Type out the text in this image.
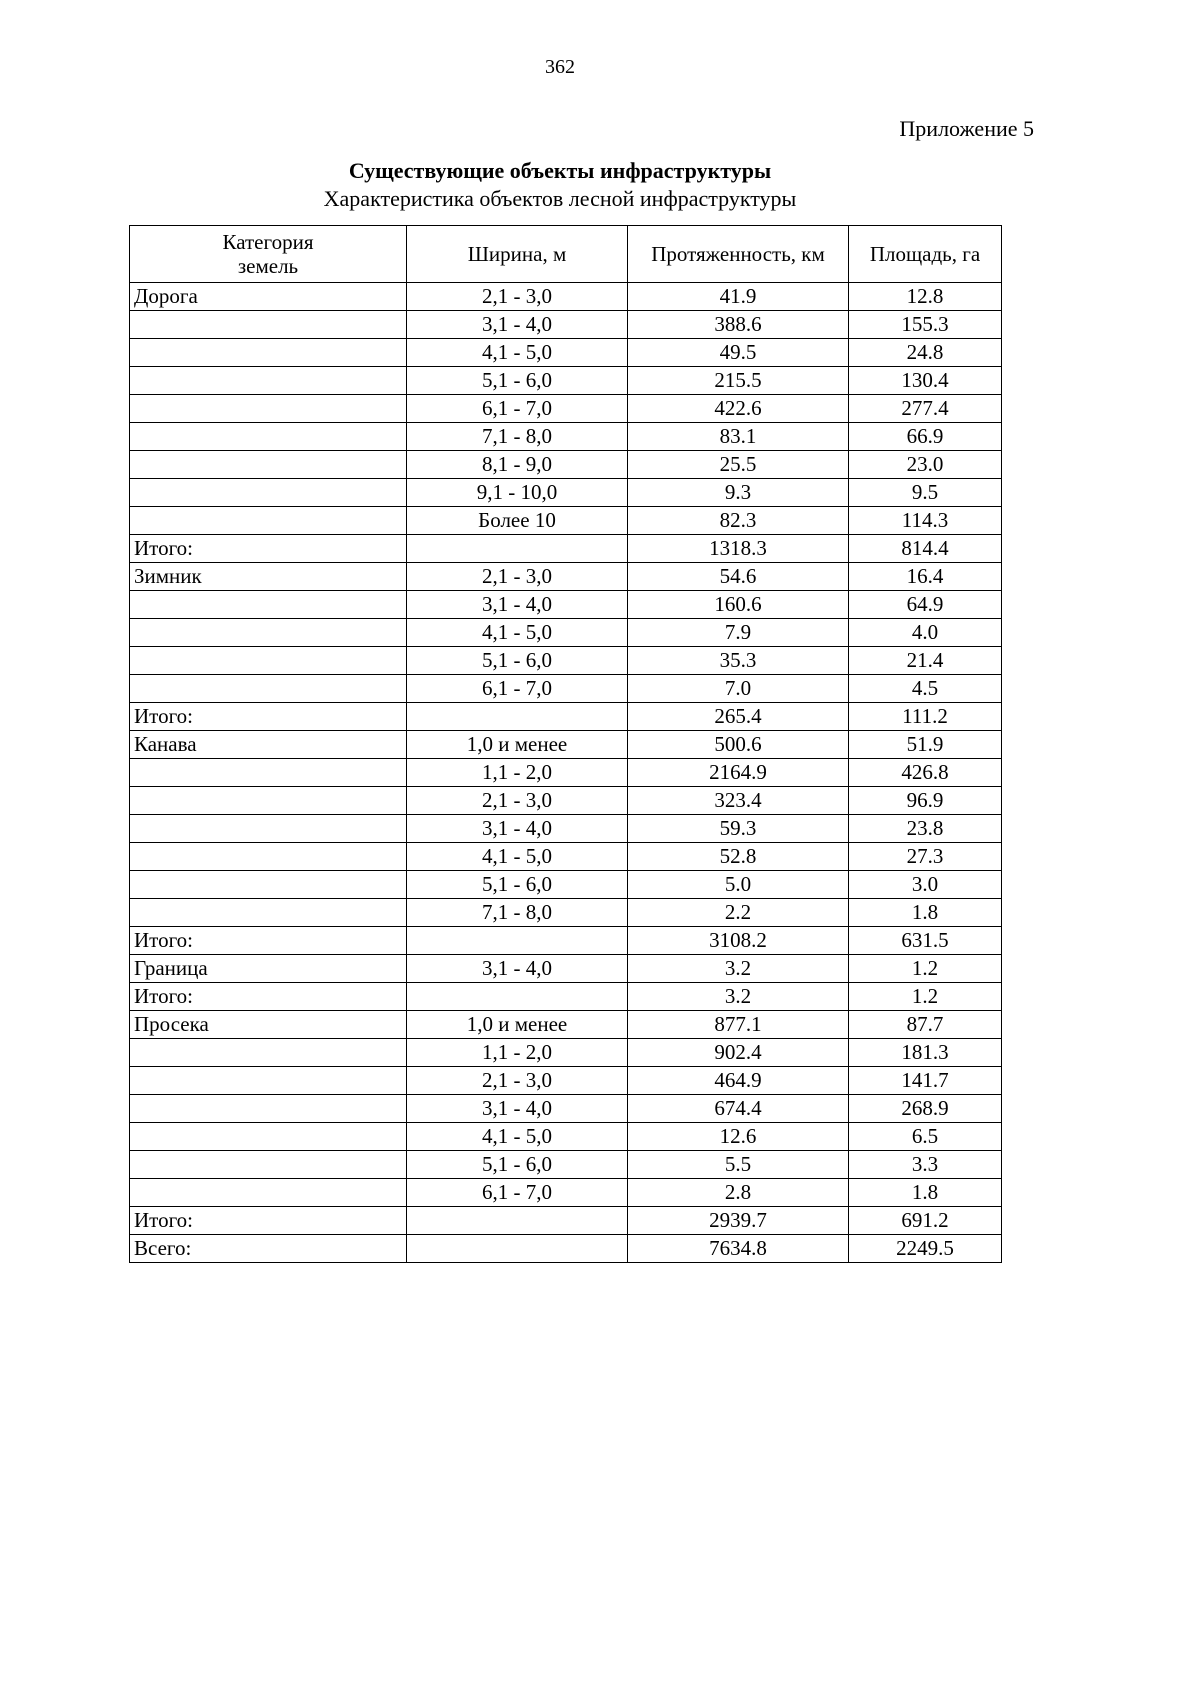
362
Приложение 5
Существующие объекты инфраструктуры
Характеристика объектов лесной инфраструктуры
Категория земель	Ширина, м	Протяженность, км	Площадь, га
Дорога	2,1 - 3,0	41.9	12.8
	3,1 - 4,0	388.6	155.3
	4,1 - 5,0	49.5	24.8
	5,1 - 6,0	215.5	130.4
	6,1 - 7,0	422.6	277.4
	7,1 - 8,0	83.1	66.9
	8,1 - 9,0	25.5	23.0
	9,1 - 10,0	9.3	9.5
	Более 10	82.3	114.3
Итого:		1318.3	814.4
Зимник	2,1 - 3,0	54.6	16.4
	3,1 - 4,0	160.6	64.9
	4,1 - 5,0	7.9	4.0
	5,1 - 6,0	35.3	21.4
	6,1 - 7,0	7.0	4.5
Итого:		265.4	111.2
Канава	1,0 и менее	500.6	51.9
	1,1 - 2,0	2164.9	426.8
	2,1 - 3,0	323.4	96.9
	3,1 - 4,0	59.3	23.8
	4,1 - 5,0	52.8	27.3
	5,1 - 6,0	5.0	3.0
	7,1 - 8,0	2.2	1.8
Итого:		3108.2	631.5
Граница	3,1 - 4,0	3.2	1.2
Итого:		3.2	1.2
Просека	1,0 и менее	877.1	87.7
	1,1 - 2,0	902.4	181.3
	2,1 - 3,0	464.9	141.7
	3,1 - 4,0	674.4	268.9
	4,1 - 5,0	12.6	6.5
	5,1 - 6,0	5.5	3.3
	6,1 - 7,0	2.8	1.8
Итого:		2939.7	691.2
Всего:		7634.8	2249.5
